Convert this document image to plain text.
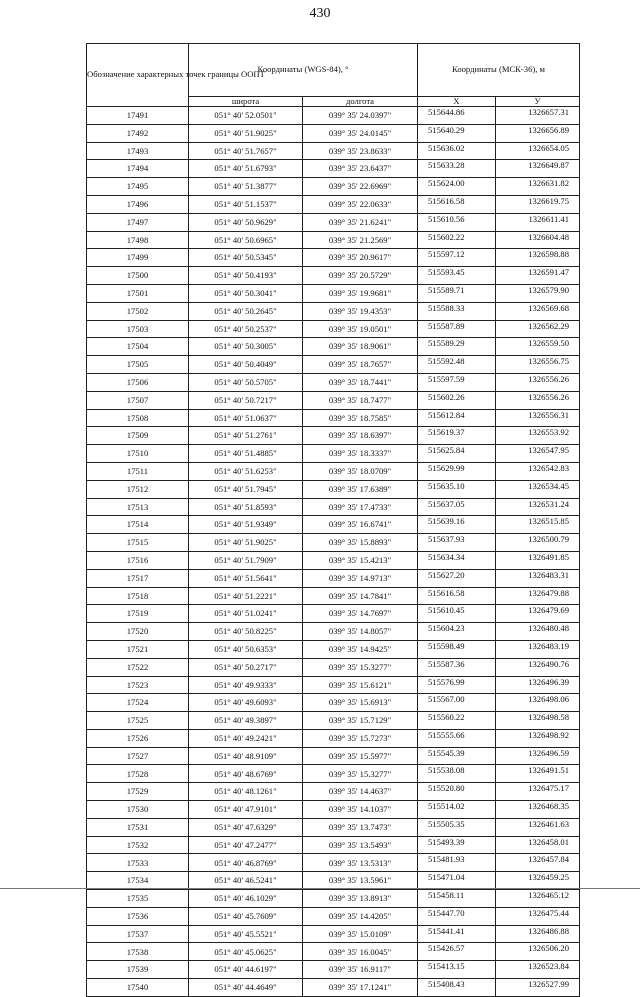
430
Обозначение характерных точек границы ООПТ	Координаты (WGS-84), °		Координаты (МСК-36), м	
	широта	долгота	X	У
17491	051° 40' 52.0501"	039° 35' 24.0397"	515644.86	1326657.31
17492	051° 40' 51.9025"	039° 35' 24.0145"	515640.29	1326656.89
17493	051° 40' 51.7657"	039° 35' 23.8633"	515636.02	1326654.05
17494	051° 40' 51.6793"	039° 35' 23.6437"	515633.28	1326649.87
17495	051° 40' 51.3877"	039° 35' 22.6969"	515624.00	1326631.82
17496	051° 40' 51.1537"	039° 35' 22.0633"	515616.58	1326619.75
17497	051° 40' 50.9629"	039° 35' 21.6241"	515610.56	1326611.41
17498	051° 40' 50.6965"	039° 35' 21.2569"	515602.22	1326604.48
17499	051° 40' 50.5345"	039° 35' 20.9617"	515597.12	1326598.88
17500	051° 40' 50.4193"	039° 35' 20.5729"	515593.45	1326591.47
17501	051° 40' 50.3041"	039° 35' 19.9681"	515589.71	1326579.90
17502	051° 40' 50.2645"	039° 35' 19.4353"	515588.33	1326569.68
17503	051° 40' 50.2537"	039° 35' 19.0501"	515587.89	1326562.29
17504	051° 40' 50.3005"	039° 35' 18.9061"	515589.29	1326559.50
17505	051° 40' 50.4049"	039° 35' 18.7657"	515592.48	1326556.75
17506	051° 40' 50.5705"	039° 35' 18.7441"	515597.59	1326556.26
17507	051° 40' 50.7217"	039° 35' 18.7477"	515602.26	1326556.26
17508	051° 40' 51.0637"	039° 35' 18.7585"	515612.84	1326556.31
17509	051° 40' 51.2761"	039° 35' 18.6397"	515619.37	1326553.92
17510	051° 40' 51.4885"	039° 35' 18.3337"	515625.84	1326547.95
17511	051° 40' 51.6253"	039° 35' 18.0709"	515629.99	1326542.83
17512	051° 40' 51.7945"	039° 35' 17.6389"	515635.10	1326534.45
17513	051° 40' 51.8593"	039° 35' 17.4733"	515637.05	1326531.24
17514	051° 40' 51.9349"	039° 35' 16.6741"	515639.16	1326515.85
17515	051° 40' 51.9025"	039° 35' 15.8893"	515637.93	1326500.79
17516	051° 40' 51.7909"	039° 35' 15.4213"	515634.34	1326491.85
17517	051° 40' 51.5641"	039° 35' 14.9713"	515627.20	1326483.31
17518	051° 40' 51.2221"	039° 35' 14.7841"	515616.58	1326479.88
17519	051° 40' 51.0241"	039° 35' 14.7697"	515610.45	1326479.69
17520	051° 40' 50.8225"	039° 35' 14.8057"	515604.23	1326480.48
17521	051° 40' 50.6353"	039° 35' 14.9425"	515598.49	1326483.19
17522	051° 40' 50.2717"	039° 35' 15.3277"	515587.36	1326490.76
17523	051° 40' 49.9333"	039° 35' 15.6121"	515576.99	1326496.39
17524	051° 40' 49.6093"	039° 35' 15.6913"	515567.00	1326498.06
17525	051° 40' 49.3897"	039° 35' 15.7129"	515560.22	1326498.58
17526	051° 40' 49.2421"	039° 35' 15.7273"	515555.66	1326498.92
17527	051° 40' 48.9109"	039° 35' 15.5977"	515545.39	1326496.59
17528	051° 40' 48.6769"	039° 35' 15.3277"	515538.08	1326491.51
17529	051° 40' 48.1261"	039° 35' 14.4637"	515520.80	1326475.17
17530	051° 40' 47.9101"	039° 35' 14.1037"	515514.02	1326468.35
17531	051° 40' 47.6329"	039° 35' 13.7473"	515505.35	1326461.63
17532	051° 40' 47.2477"	039° 35' 13.5493"	515493.39	1326458.01
17533	051° 40' 46.8769"	039° 35' 13.5313"	515481.93	1326457.84
17534	051° 40' 46.5241"	039° 35' 13.5961"	515471.04	1326459.25
17535	051° 40' 46.1029"	039° 35' 13.8913"	515458.11	1326465.12
17536	051° 40' 45.7609"	039° 35' 14.4205"	515447.70	1326475.44
17537	051° 40' 45.5521"	039° 35' 15.0109"	515441.41	1326486.88
17538	051° 40' 45.0625"	039° 35' 16.0045"	515426.57	1326506.20
17539	051° 40' 44.6197"	039° 35' 16.9117"	515413.15	1326523.84
17540	051° 40' 44.4649"	039° 35' 17.1241"	515408.43	1326527.99
